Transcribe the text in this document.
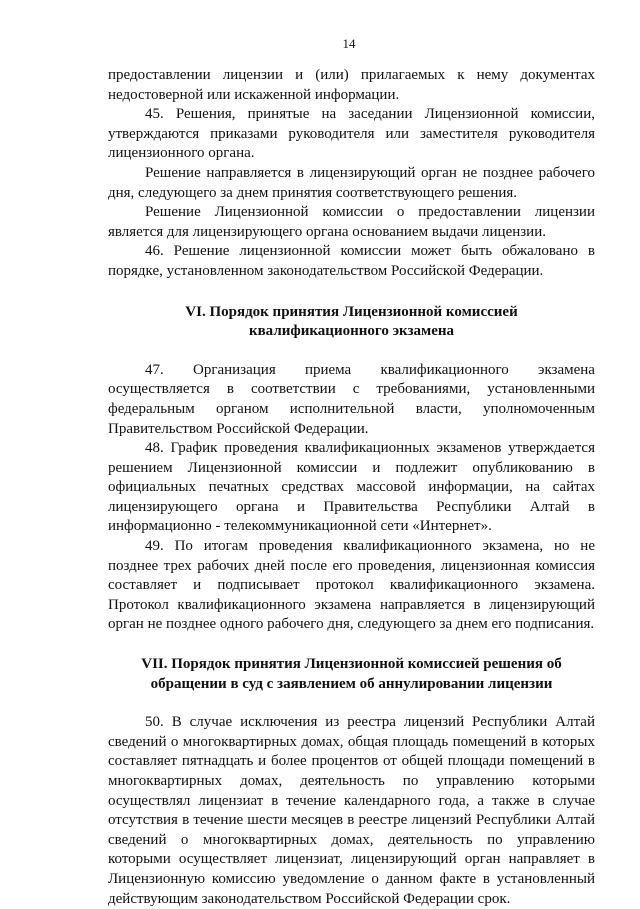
14

предоставлении лицензии и (или) прилагаемых к нему документах недостоверной или искаженной информации.

45. Решения, принятые на заседании Лицензионной комиссии, утверждаются приказами руководителя или заместителя руководителя лицензионного органа.

Решение направляется в лицензирующий орган не позднее рабочего дня, следующего за днем принятия соответствующего решения.

Решение Лицензионной комиссии о предоставлении лицензии является для лицензирующего органа основанием выдачи лицензии.

46. Решение лицензионной комиссии может быть обжаловано в порядке, установленном законодательством Российской Федерации.

VI. Порядок принятия Лицензионной комиссией
квалификационного экзамена
47. Организация приема квалификационного экзамена

осуществляется в соответствии с требованиями, установленными федеральным органом исполнительной власти, уполномоченным Правительством Российской Федерации.

48. График проведения квалификационных экзаменов утверждается решением Лицензионной комиссии и подлежит опубликованию в официальных печатных средствах массовой информации, на сайтах лицензирующего органа и Правительства Республики Алтай в информационно - телекоммуникационной сети «Интернет».

49. По итогам проведения квалификационного экзамена, но не позднее трех рабочих дней после его проведения, лицензионная комиссия составляет и подписывает протокол квалификационного экзамена. Протокол квалификационного экзамена направляется в лицензирующий орган не позднее одного рабочего дня, следующего за днем его подписания.

VII. Порядок принятия Лицензионной комиссией решения об
обращении в суд с заявлением об аннулировании лицензии

50. В случае исключения из реестра лицензий Республики Алтай сведений о многоквартирных домах, общая площадь помещений в которых составляет пятнадцать и более процентов от общей площади помещений в многоквартирных домах, деятельность по управлению которыми осуществлял лицензиат в течение календарного года, а также в случае отсутствия в течение шести месяцев в реестре лицензий Республики Алтай сведений о многоквартирных домах, деятельность по управлению которыми осуществляет лицензиат, лицензирующий орган направляет в Лицензионную комиссию уведомление о данном факте в установленный действующим законодательством Российской Федерации срок.
